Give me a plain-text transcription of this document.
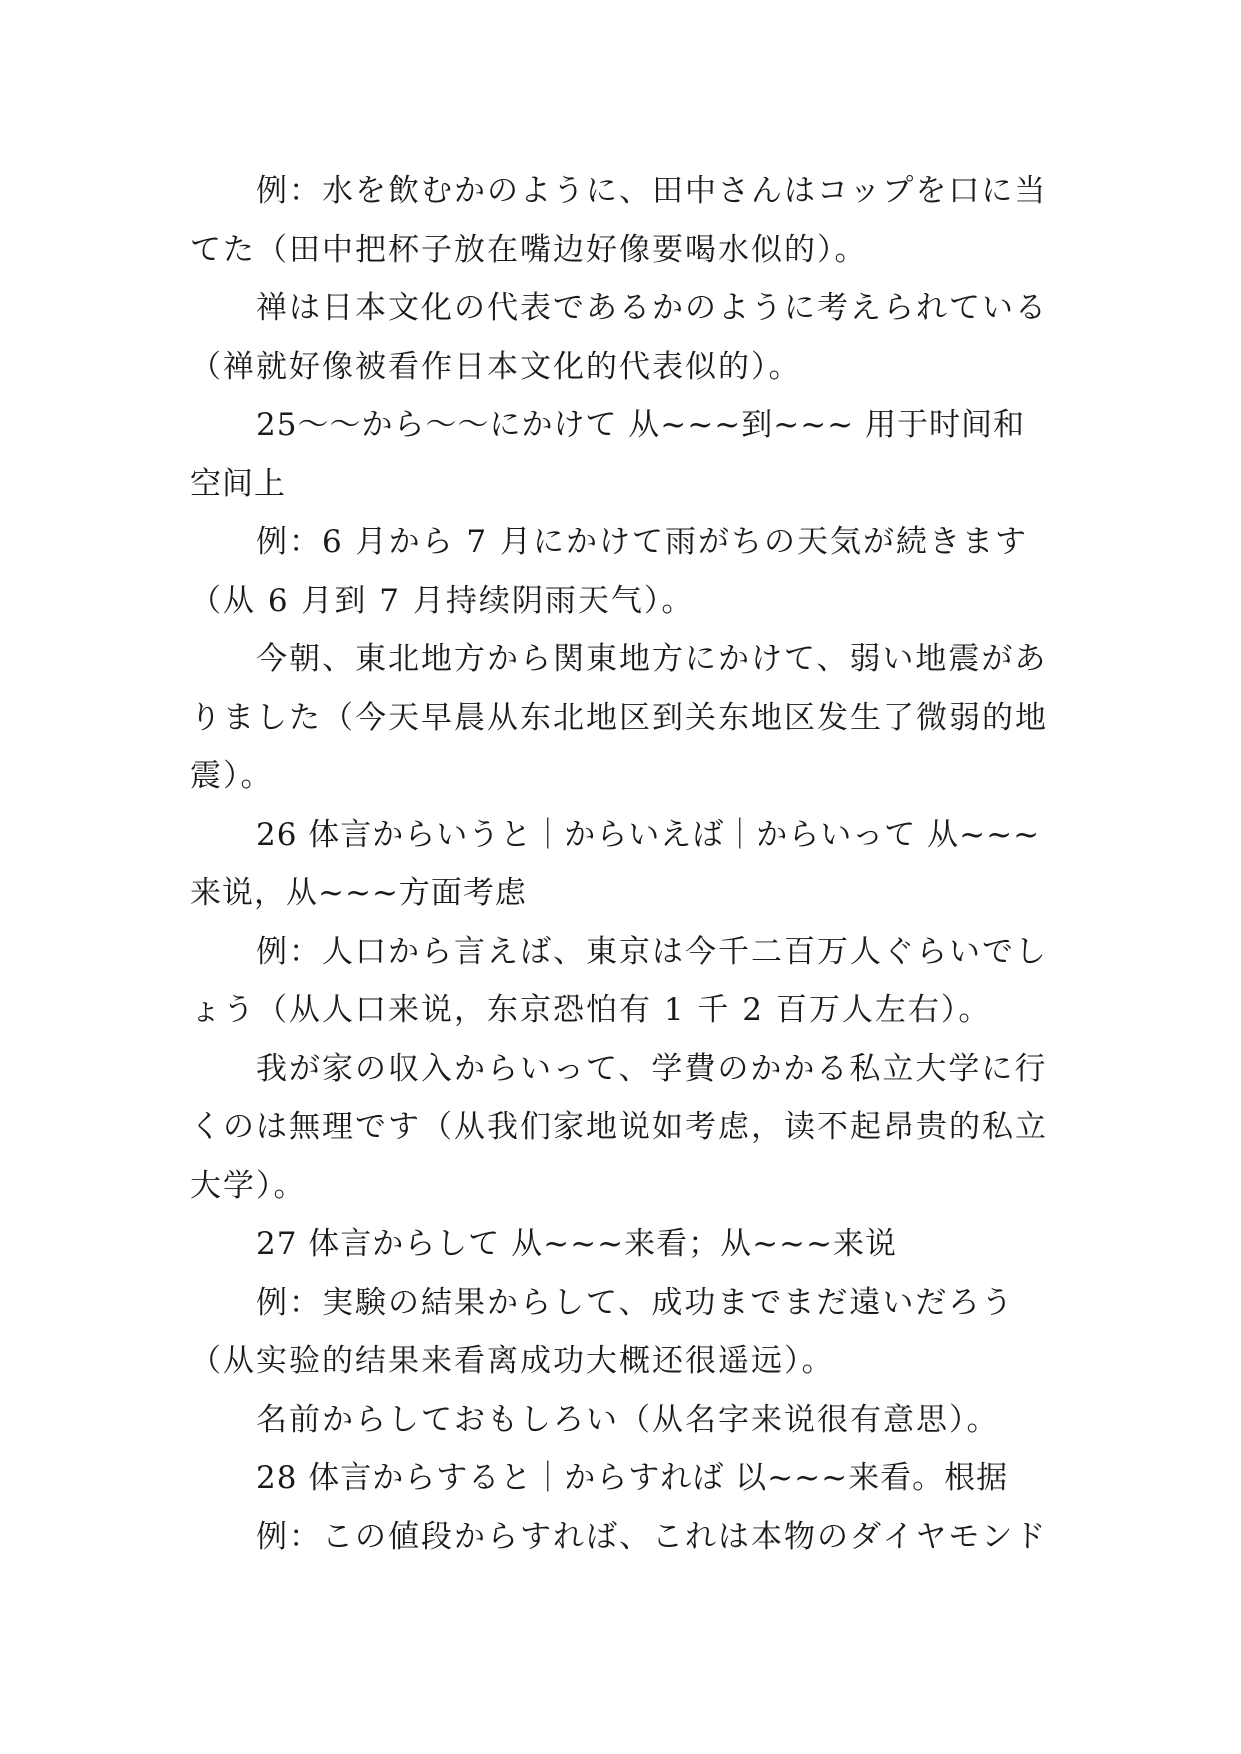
例：水を飲むかのように、田中さんはコップを口に当てた（田中把杯子放在嘴边好像要喝水似的）。

禅は日本文化の代表であるかのように考えられている（禅就好像被看作日本文化的代表似的）。

25～～から～～にかけて 从~~~到~~~ 用于时间和空间上

例：6 月から 7 月にかけて雨がちの天気が続きます（从 6 月到 7 月持续阴雨天气）。

今朝、東北地方から関東地方にかけて、弱い地震がありました（今天早晨从东北地区到关东地区发生了微弱的地震）。

26 体言からいうと｜からいえば｜からいって 从~~~来说，从~~~方面考虑

例：人口から言えば、東京は今千二百万人ぐらいでしょう（从人口来说，东京恐怕有 1 千 2 百万人左右）。

我が家の収入からいって、学費のかかる私立大学に行くのは無理です（从我们家地说如考虑，读不起昂贵的私立大学）。

27 体言からして 从~~~来看；从~~~来说

例：実験の結果からして、成功までまだ遠いだろう（从实验的结果来看离成功大概还很遥远）。

名前からしておもしろい（从名字来说很有意思）。

28 体言からすると｜からすれば 以~~~来看。根据

例：この値段からすれば、これは本物のダイヤモンド
